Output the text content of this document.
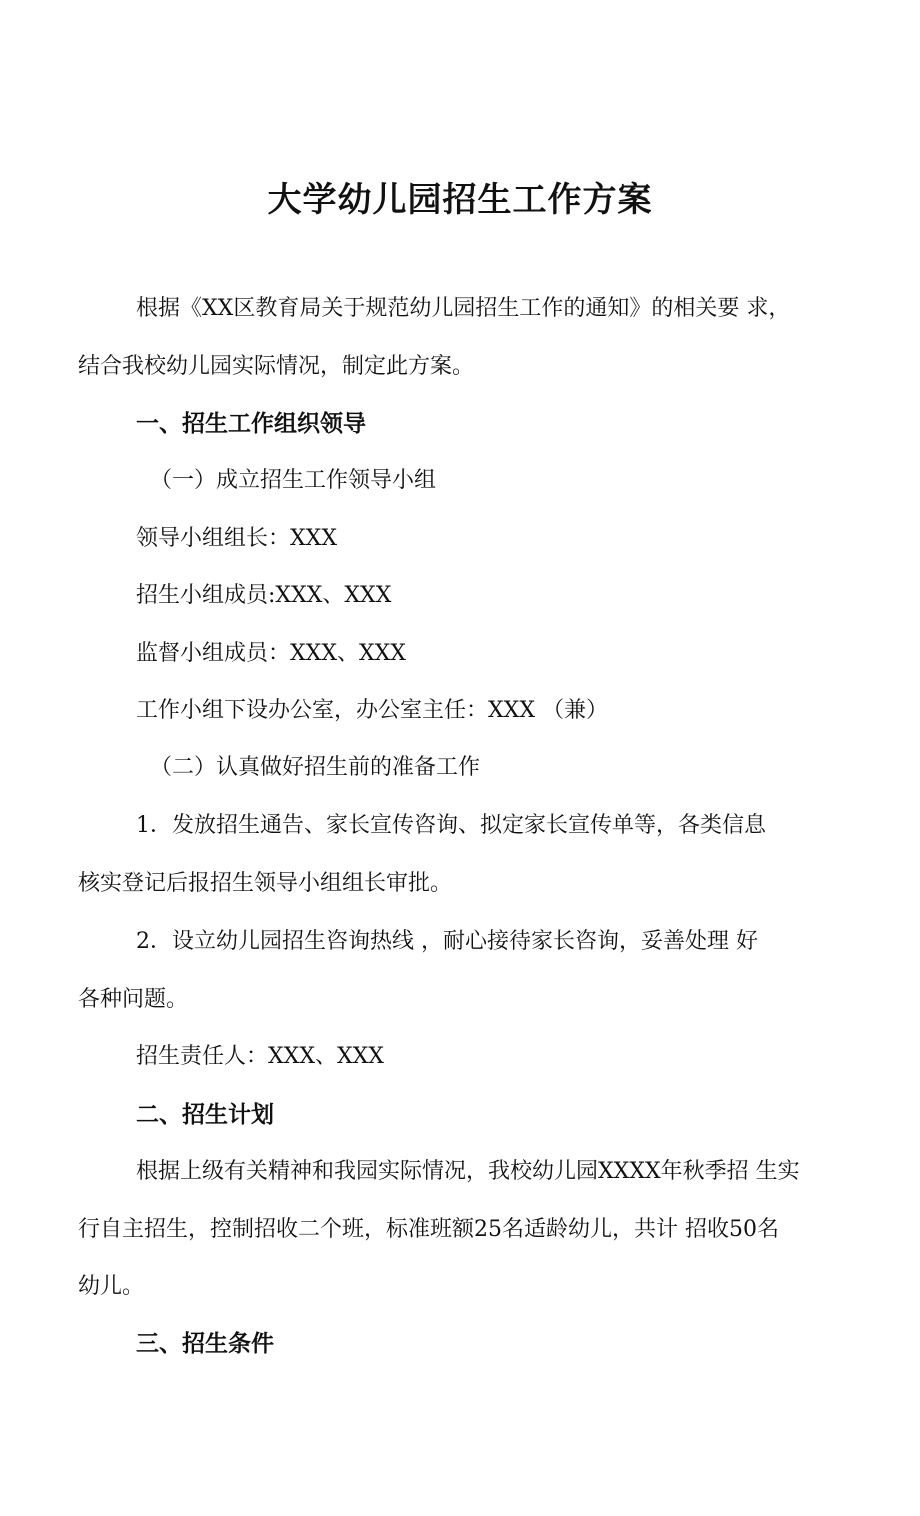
大学幼儿园招生工作方案

根据《XX区教育局关于规范幼儿园招生工作的通知》的相关要 求，

结合我校幼儿园实际情况，制定此方案。

一、招生工作组织领导

（一）成立招生工作领导小组

领导小组组长：XXX

招生小组成员:XXX、XXX

监督小组成员：XXX、XXX

工作小组下设办公室，办公室主任：XXX （兼）

（二）认真做好招生前的准备工作

1．发放招生通告、家长宣传咨询、拟定家长宣传单等，各类信息

核实登记后报招生领导小组组长审批。

2．设立幼儿园招生咨询热线 ，耐心接待家长咨询，妥善处理 好

各种问题。

招生责任人：XXX、XXX

二、招生计划

根据上级有关精神和我园实际情况，我校幼儿园XXXX年秋季招 生实

行自主招生，控制招收二个班，标准班额25名适龄幼儿，共计 招收50名

幼儿。

三、招生条件
